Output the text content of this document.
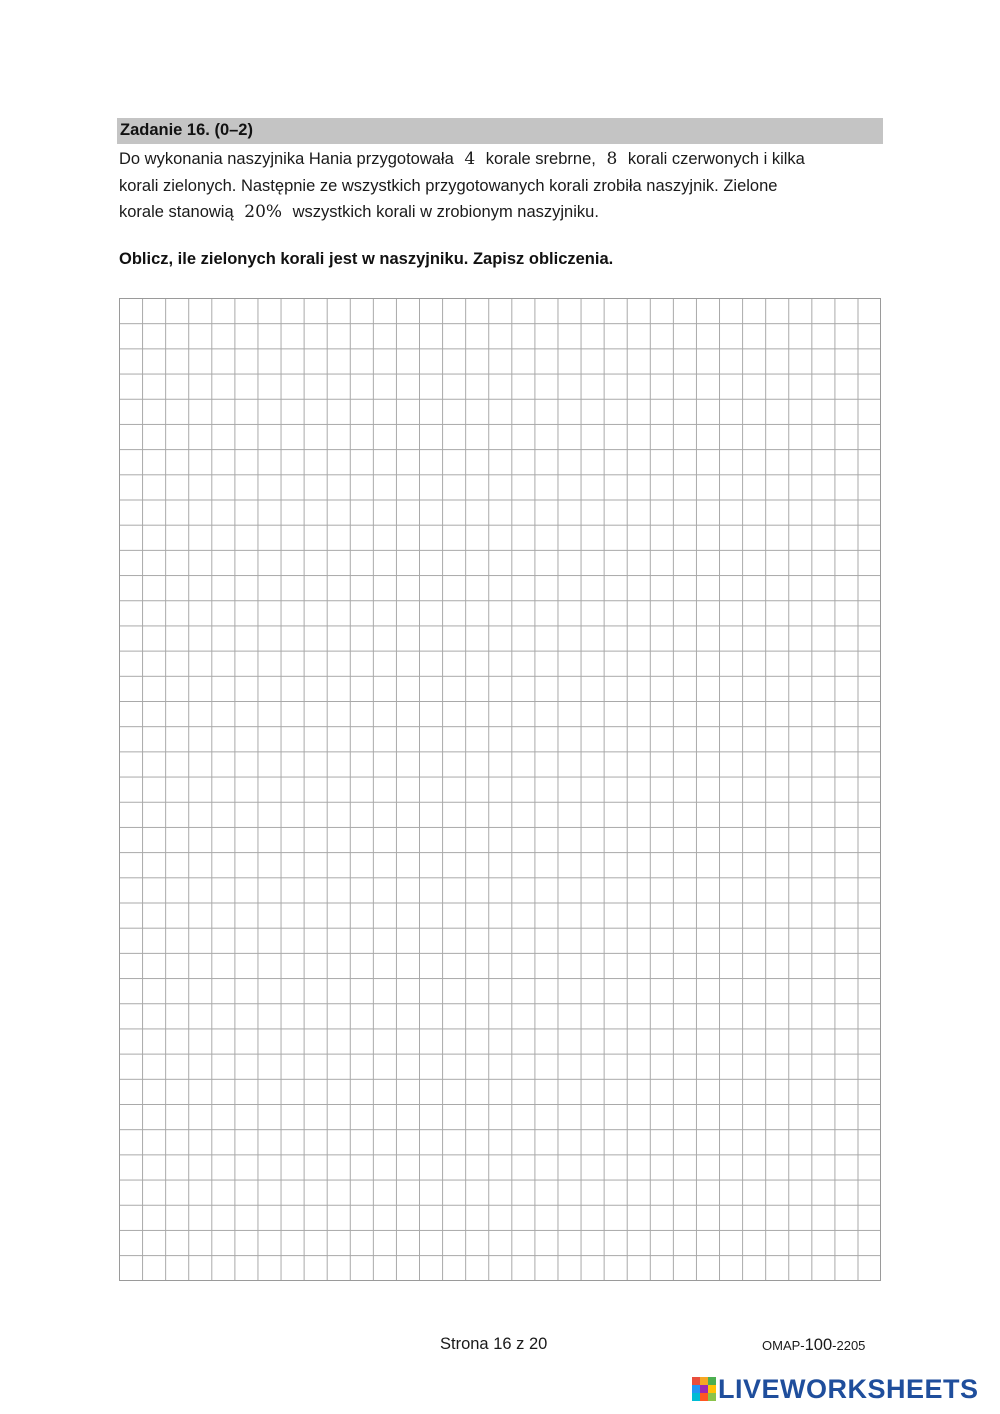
Zadanie 16. (0–2)
Do wykonania naszyjnika Hania przygotowała 4 korale srebrne, 8 korali czerwonych i kilka
korali zielonych. Następnie ze wszystkich przygotowanych korali zrobiła naszyjnik. Zielone
korale stanowią 20% wszystkich korali w zrobionym naszyjniku.
Oblicz, ile zielonych korali jest w naszyjniku. Zapisz obliczenia.
Strona 16 z 20	OMAP-100-2205
LIVEWORKSHEETS
